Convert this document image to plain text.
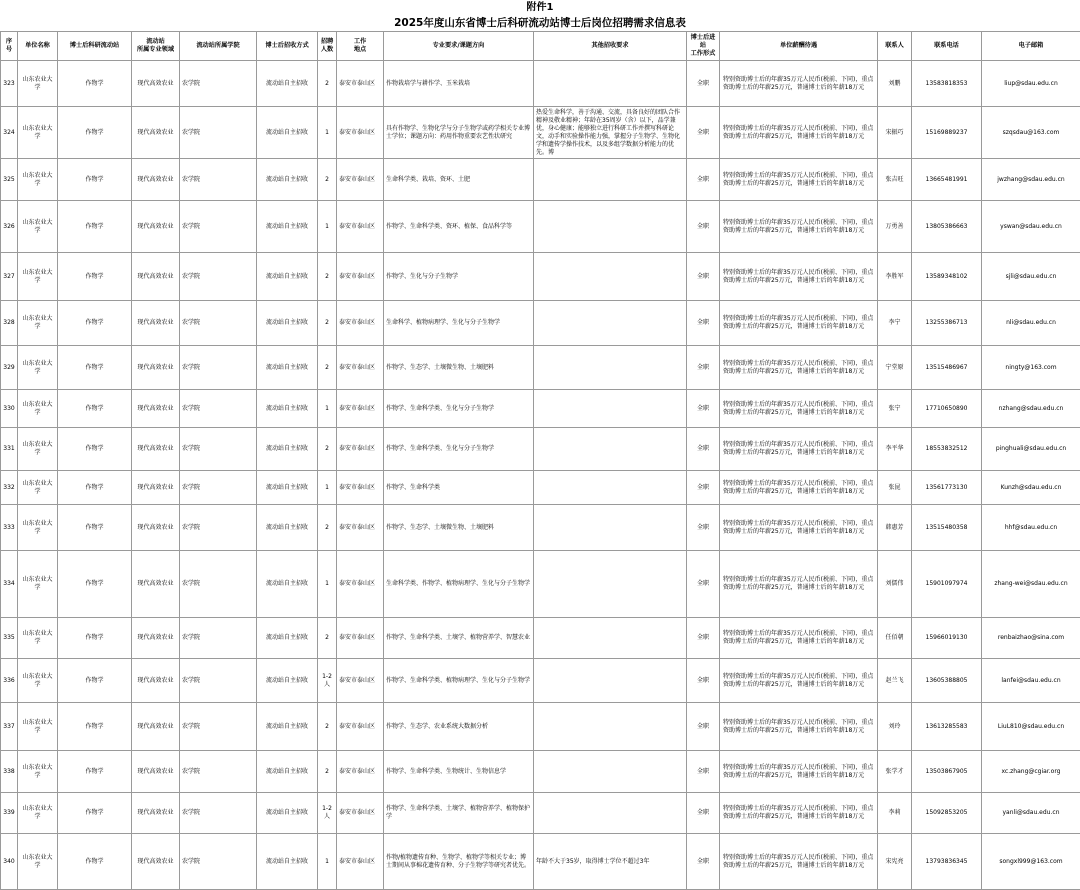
附件1
2025年度山东省博士后科研流动站博士后岗位招聘需求信息表
序号	单位名称	博士后科研流动站	流动站
所属专业领域	流动站所属学院	博士后招收方式	招聘
人数	工作
地点	专业要求/课题方向	其他招收要求	博士后进站
工作形式	单位薪酬待遇	联系人	联系电话	电子邮箱
323	山东农业大学	作物学	现代高效农业	农学院	流动站自主招收	2	泰安市泰山区	作物栽培学与耕作学、玉米栽培		全职	特别资助博士后的年薪35万元人民币(税前、下同)，重点资助博士后的年薪25万元，普通博士后的年薪18万元	刘鹏	13583818353	liup@sdau.edu.cn
324	山东农业大学	作物学	现代高效农业	农学院	流动站自主招收	1	泰安市泰山区	具有作物学、生物化学与分子生物学或药学相关专业博士学位；课题方向：药用作物重要农艺性状研究	热爱生命科学，善于沟通、交流，具备良好的团队合作精神及敬业精神；年龄在35周岁（含）以下，品学兼优，身心健康；能够独立进行科研工作并撰写科研论文，动手和实验操作能力强，掌握分子生物学、生物化学和遗传学操作技术，以及多组学数据分析能力的优先。博	全职	特别资助博士后的年薪35万元人民币(税前、下同)，重点资助博士后的年薪25万元，普通博士后的年薪18万元	宋振巧	15169889237	szqsdau@163.com
325	山东农业大学	作物学	现代高效农业	农学院	流动站自主招收	2	泰安市泰山区	生命科学类、栽培、资环、土肥		全职	特别资助博士后的年薪35万元人民币(税前、下同)，重点资助博士后的年薪25万元，普通博士后的年薪18万元	张吉旺	13665481991	jwzhang@sdau.edu.cn
326	山东农业大学	作物学	现代高效农业	农学院	流动站自主招收	1	泰安市泰山区	作物学、生命科学类、资环、植保、食品科学等		全职	特别资助博士后的年薪35万元人民币(税前、下同)，重点资助博士后的年薪25万元，普通博士后的年薪18万元	万勇善	13805386663	yswan@sdau.edu.cn
327	山东农业大学	作物学	现代高效农业	农学院	流动站自主招收	2	泰安市泰山区	作物学、生化与分子生物学		全职	特别资助博士后的年薪35万元人民币(税前、下同)，重点资助博士后的年薪25万元，普通博士后的年薪18万元	李胜军	13589348102	sjli@sdau.edu.cn
328	山东农业大学	作物学	现代高效农业	农学院	流动站自主招收	2	泰安市泰山区	生命科学、植物病理学、生化与分子生物学		全职	特别资助博士后的年薪35万元人民币(税前、下同)，重点资助博士后的年薪25万元，普通博士后的年薪18万元	李宁	13255386713	nli@sdau.edu.cn
329	山东农业大学	作物学	现代高效农业	农学院	流动站自主招收	2	泰安市泰山区	作物学、生态学、土壤微生物、土壤肥料		全职	特别资助博士后的年薪35万元人民币(税前、下同)，重点资助博士后的年薪25万元，普通博士后的年薪18万元	宁堂原	13515486967	ningty@163.com
330	山东农业大学	作物学	现代高效农业	农学院	流动站自主招收	1	泰安市泰山区	作物学、生命科学类、生化与分子生物学		全职	特别资助博士后的年薪35万元人民币(税前、下同)，重点资助博士后的年薪25万元，普通博士后的年薪18万元	张宁	17710650890	nzhang@sdau.edu.cn
331	山东农业大学	作物学	现代高效农业	农学院	流动站自主招收	2	泰安市泰山区	作物学、生命科学类、生化与分子生物学		全职	特别资助博士后的年薪35万元人民币(税前、下同)，重点资助博士后的年薪25万元，普通博士后的年薪18万元	李平华	18553832512	pinghuali@sdau.edu.cn
332	山东农业大学	作物学	现代高效农业	农学院	流动站自主招收	1	泰安市泰山区	作物学、生命科学类		全职	特别资助博士后的年薪35万元人民币(税前、下同)，重点资助博士后的年薪25万元，普通博士后的年薪18万元	张昆	13561773130	Kunzh@sdau.edu.cn
333	山东农业大学	作物学	现代高效农业	农学院	流动站自主招收	2	泰安市泰山区	作物学、生态学、土壤微生物、土壤肥料		全职	特别资助博士后的年薪35万元人民币(税前、下同)，重点资助博士后的年薪25万元，普通博士后的年薪18万元	韩惠芳	13515480358	hhf@sdau.edu.cn
334	山东农业大学	作物学	现代高效农业	农学院	流动站自主招收	1	泰安市泰山区	生命科学类、作物学、植物病理学、生化与分子生物学		全职	特别资助博士后的年薪35万元人民币(税前、下同)，重点资助博士后的年薪25万元，普通博士后的年薪18万元	刘儒伟	15901097974	zhang-wei@sdau.edu.cn
335	山东农业大学	作物学	现代高效农业	农学院	流动站自主招收	2	泰安市泰山区	作物学、生命科学类、土壤学、植物营养学、智慧农业		全职	特别资助博士后的年薪35万元人民币(税前、下同)，重点资助博士后的年薪25万元，普通博士后的年薪18万元	任佰朝	15966019130	renbaizhao@sina.com
336	山东农业大学	作物学	现代高效农业	农学院	流动站自主招收	1-2人	泰安市泰山区	作物学、生命科学类、植物病理学、生化与分子生物学		全职	特别资助博士后的年薪35万元人民币(税前、下同)，重点资助博士后的年薪25万元，普通博士后的年薪18万元	赵兰飞	13605388805	lanfei@sdau.edu.cn
337	山东农业大学	作物学	现代高效农业	农学院	流动站自主招收	2	泰安市泰山区	作物学、生态学、农业系统大数据分析		全职	特别资助博士后的年薪35万元人民币(税前、下同)，重点资助博士后的年薪25万元，普通博士后的年薪18万元	刘玲	13613285583	LiuL810@sdau.edu.cn
338	山东农业大学	作物学	现代高效农业	农学院	流动站自主招收	2	泰安市泰山区	作物学、生命科学类、生物统计、生物信息学		全职	特别资助博士后的年薪35万元人民币(税前、下同)，重点资助博士后的年薪25万元，普通博士后的年薪18万元	张学才	13503867905	xc.zhang@cgiar.org
339	山东农业大学	作物学	现代高效农业	农学院	流动站自主招收	1-2人	泰安市泰山区	作物学、生命科学类、土壤学、植物营养学、植物保护学		全职	特别资助博士后的年薪35万元人民币(税前、下同)，重点资助博士后的年薪25万元，普通博士后的年薪18万元	李莉	15092853205	yanli@sdau.edu.cn
340	山东农业大学	作物学	现代高效农业	农学院	流动站自主招收	1	泰安市泰山区	作物/植物遗传育种、生物学、植物学等相关专业；博士期间从事棉花遗传育种、分子生物学等研究者优先。	年龄不大于35岁，取得博士学位不超过3年	全职	特别资助博士后的年薪35万元人民币(税前、下同)，重点资助博士后的年薪25万元，普通博士后的年薪18万元	宋宪亮	13793836345	songxl999@163.com
